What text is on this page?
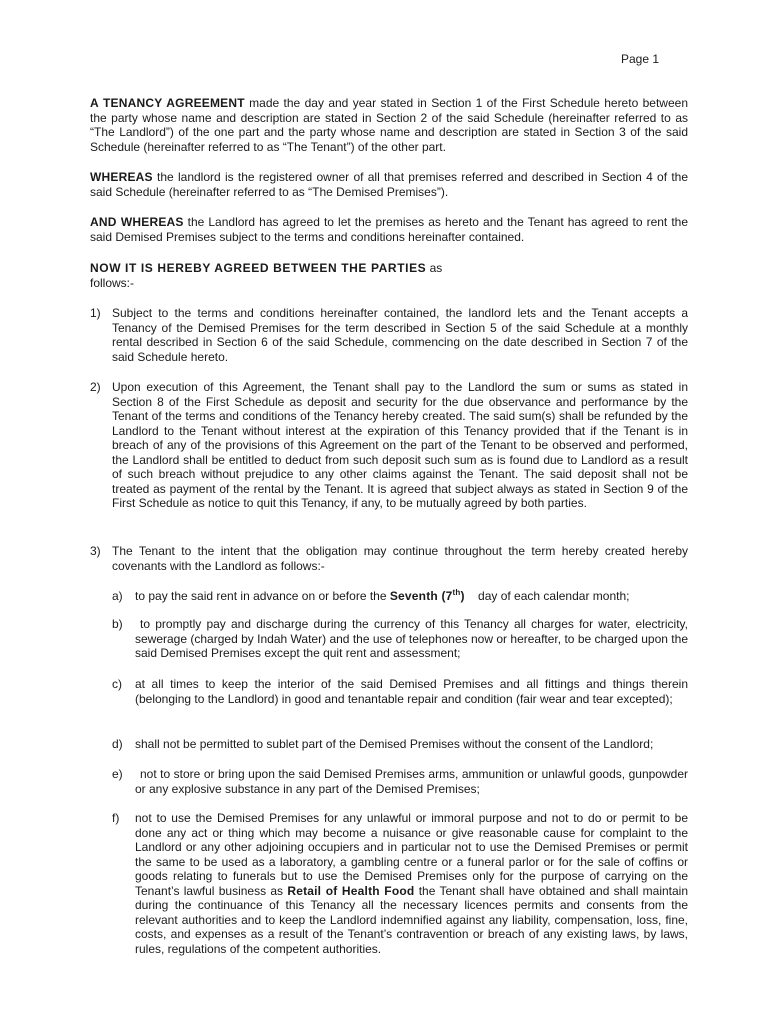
Page 1

A TENANCY AGREEMENT made the day and year stated in Section 1 of the First Schedule hereto between the party whose name and description are stated in Section 2 of the said Schedule (hereinafter referred to as “The Landlord”) of the one part and the party whose name and description are stated in Section 3 of the said Schedule (hereinafter referred to as “The Tenant”) of the other part.

WHEREAS the landlord is the registered owner of all that premises referred and described in Section 4 of the said Schedule (hereinafter referred to as “The Demised Premises”).

AND WHEREAS the Landlord has agreed to let the premises as hereto and the Tenant has agreed to rent the said Demised Premises subject to the terms and conditions hereinafter contained.

NOW IT IS HEREBY AGREED BETWEEN THE PARTIES as
follows:-

1) Subject to the terms and conditions hereinafter contained, the landlord lets and the Tenant accepts a Tenancy of the Demised Premises for the term described in Section 5 of the said Schedule at a monthly rental described in Section 6 of the said Schedule, commencing on the date described in Section 7 of the said Schedule hereto.
2) Upon execution of this Agreement, the Tenant shall pay to the Landlord the sum or sums as stated in Section 8 of the First Schedule as deposit and security for the due observance and performance by the Tenant of the terms and conditions of the Tenancy hereby created. The said sum(s) shall be refunded by the Landlord to the Tenant without interest at the expiration of this Tenancy provided that if the Tenant is in breach of any of the provisions of this Agreement on the part of the Tenant to be observed and performed, the Landlord shall be entitled to deduct from such deposit such sum as is found due to Landlord as a result of such breach without prejudice to any other claims against the Tenant. The said deposit shall not be treated as payment of the rental by the Tenant. It is agreed that subject always as stated in Section 9 of the First Schedule as notice to quit this Tenancy, if any, to be mutually agreed by both parties.
3) The Tenant to the intent that the obligation may continue throughout the term hereby created hereby covenants with the Landlord as follows:-
a) to pay the said rent in advance on or before the Seventh (7th)    day of each calendar month;
b)	to promptly pay and discharge during the currency of this Tenancy all charges for water, electricity, sewerage (charged by Indah Water) and the use of telephones now or hereafter, to be charged upon the said Demised Premises except the quit rent and assessment;
c) at all times to keep the interior of the said Demised Premises and all fittings and things therein (belonging to the Landlord) in good and tenantable repair and condition (fair wear and tear excepted);
d) shall not be permitted to sublet part of the Demised Premises without the consent of the Landlord;
e)	not to store or bring upon the said Demised Premises arms, ammunition or unlawful goods, gunpowder or any explosive substance in any part of the Demised Premises;
f) not to use the Demised Premises for any unlawful or immoral purpose and not to do or permit to be done any act or thing which may become a nuisance or give reasonable cause for complaint to the Landlord or any other adjoining occupiers and in particular not to use the Demised Premises or permit the same to be used as a laboratory, a gambling centre or a funeral parlor or for the sale of coffins or goods relating to funerals but to use the Demised Premises only for the purpose of carrying on the Tenant’s lawful business as Retail of Health Food the Tenant shall have obtained and shall maintain during the continuance of this Tenancy all the necessary licences permits and consents from the relevant authorities and to keep the Landlord indemnified against any liability, compensation, loss, fine, costs, and expenses as a result of the Tenant’s contravention or breach of any existing laws, by laws, rules, regulations of the competent authorities.
